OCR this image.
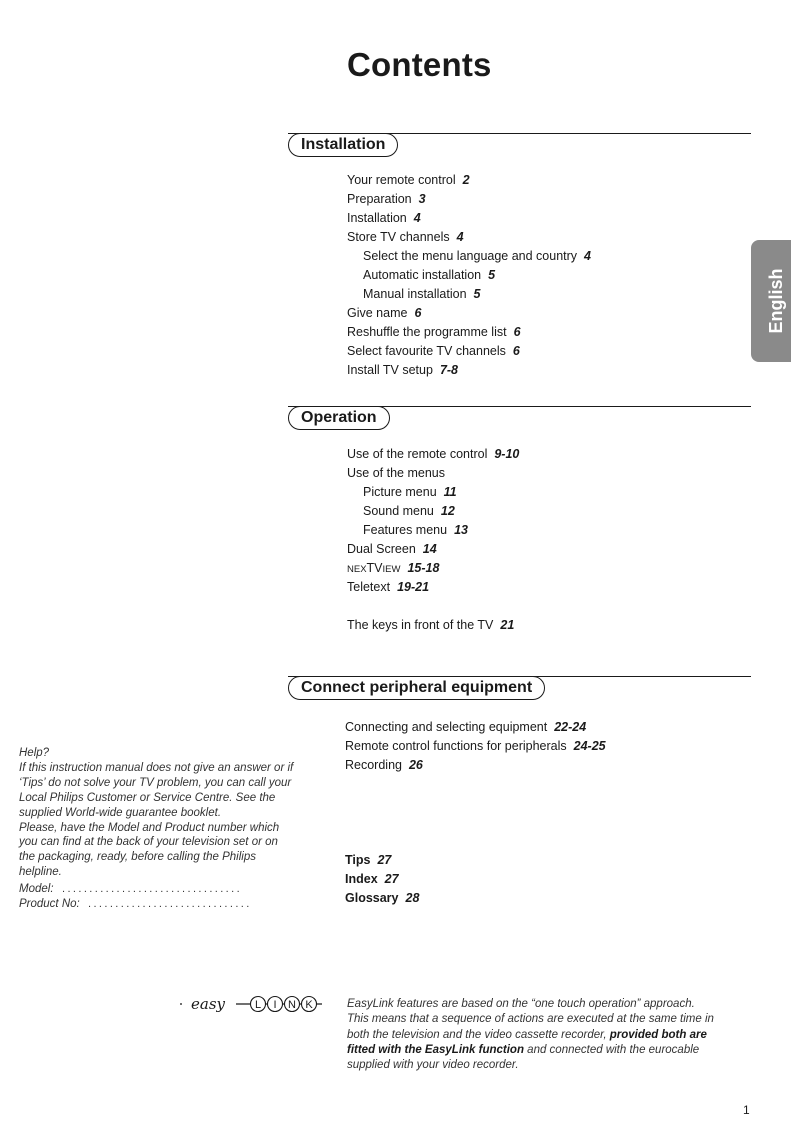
Contents
Installation
Your remote control 2
Preparation 3
Installation 4
Store TV channels 4
Select the menu language and country 4
Automatic installation 5
Manual installation 5
Give name 6
Reshuffle the programme list 6
Select favourite TV channels 6
Install TV setup 7-8
Operation
Use of the remote control 9-10
Use of the menus
Picture menu 11
Sound menu 12
Features menu 13
Dual Screen 14
NEXTVIEW 15-18
Teletext 19-21
The keys in front of the TV 21
Connect peripheral equipment
Connecting and selecting equipment 22-24
Remote control functions for peripherals 24-25
Recording 26
Tips 27
Index 27
Glossary 28
English

Help?

If this instruction manual does not give an answer or if ‘Tips’ do not solve your TV problem, you can call your Local Philips Customer or Service Centre. See the supplied World-wide guarantee booklet.

Please, have the Model and Product number which you can find at the back of your television set or on the packaging, ready, before calling the Philips helpline.

Model: .................................
Product No: ..............................
easy	L I N K	EasyLink features are based on the “one touch operation” approach. This means that a sequence of actions are executed at the same time in both the television and the video cassette recorder, provided both are fitted with the EasyLink function and connected with the eurocable supplied with your video recorder.
1
